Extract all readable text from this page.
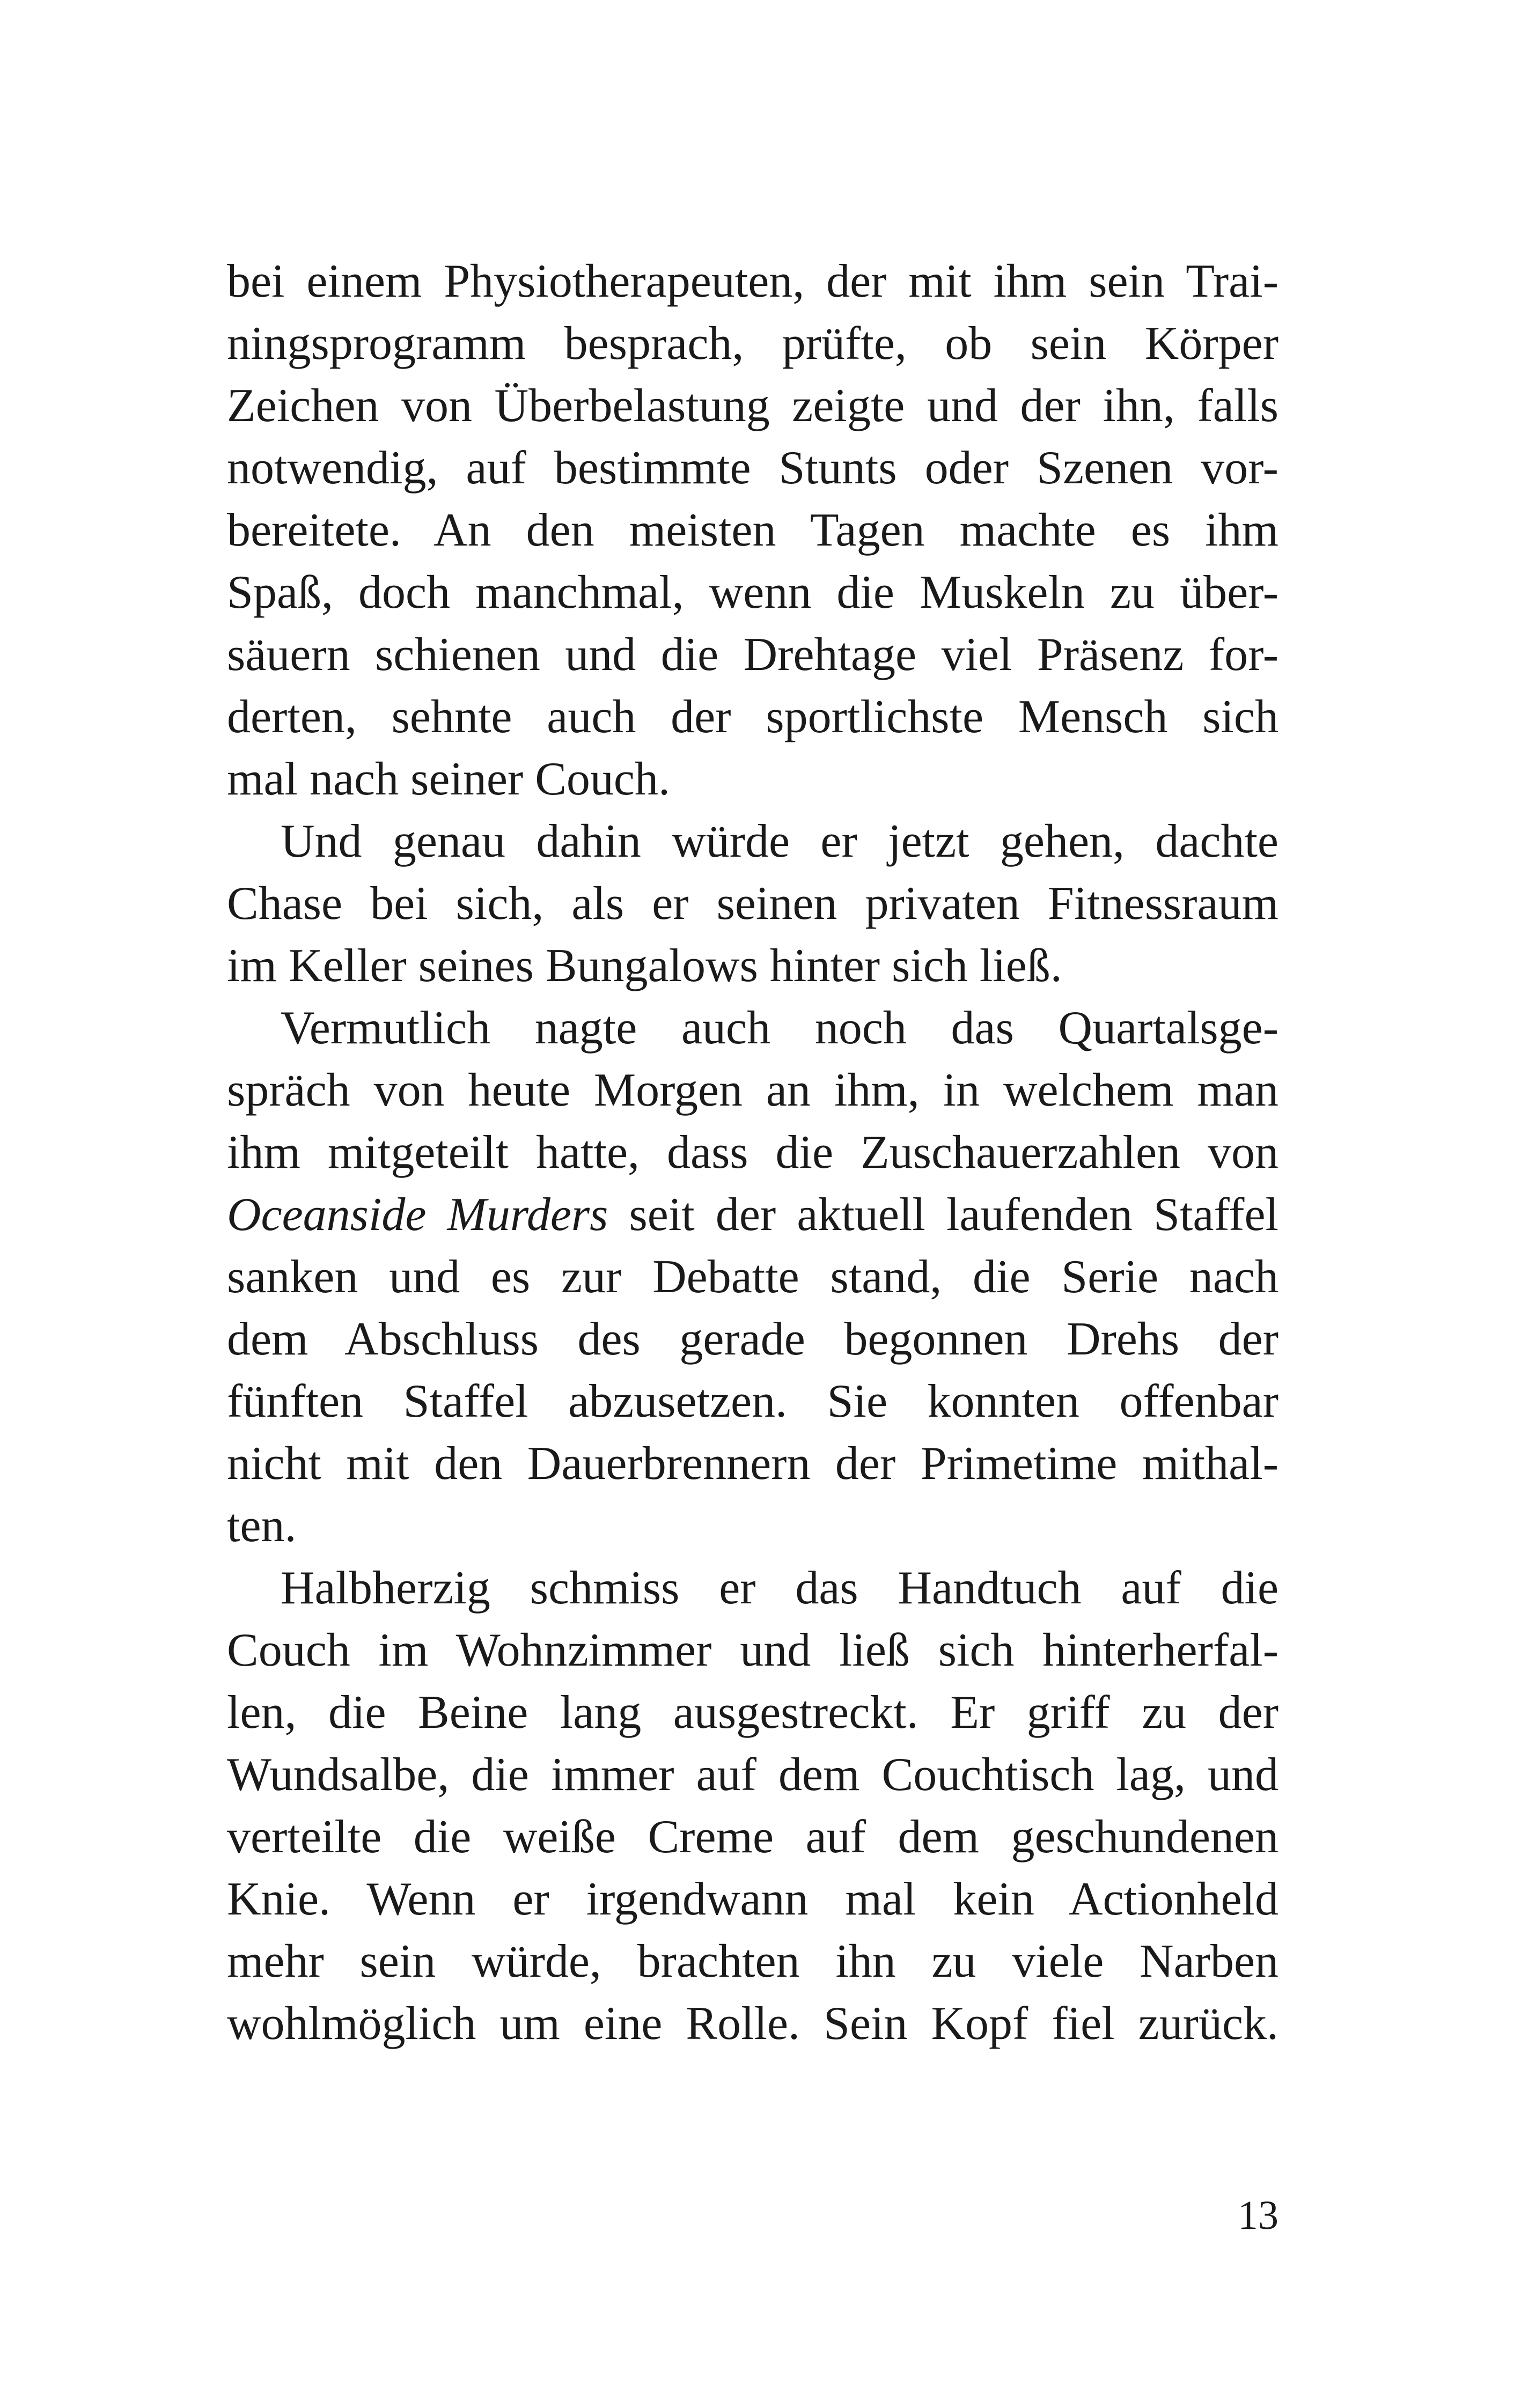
bei einem Physiotherapeuten, der mit ihm sein Trai-
ningsprogramm besprach, prüfte, ob sein Körper
Zeichen von Überbelastung zeigte und der ihn, falls
notwendig, auf bestimmte Stunts oder Szenen vor-
bereitete. An den meisten Tagen machte es ihm
Spaß, doch manchmal, wenn die Muskeln zu über-
säuern schienen und die Drehtage viel Präsenz for-
derten, sehnte auch der sportlichste Mensch sich
mal nach seiner Couch.
Und genau dahin würde er jetzt gehen, dachte
Chase bei sich, als er seinen privaten Fitnessraum
im Keller seines Bungalows hinter sich ließ.
Vermutlich nagte auch noch das Quartalsge-
spräch von heute Morgen an ihm, in welchem man
ihm mitgeteilt hatte, dass die Zuschauerzahlen von
Oceanside Murders seit der aktuell laufenden Staffel
sanken und es zur Debatte stand, die Serie nach
dem Abschluss des gerade begonnen Drehs der
fünften Staffel abzusetzen. Sie konnten offenbar
nicht mit den Dauerbrennern der Primetime mithal-
ten.
Halbherzig schmiss er das Handtuch auf die
Couch im Wohnzimmer und ließ sich hinterherfal-
len, die Beine lang ausgestreckt. Er griff zu der
Wundsalbe, die immer auf dem Couchtisch lag, und
verteilte die weiße Creme auf dem geschundenen
Knie. Wenn er irgendwann mal kein Actionheld
mehr sein würde, brachten ihn zu viele Narben
wohlmöglich um eine Rolle. Sein Kopf fiel zurück.
13
